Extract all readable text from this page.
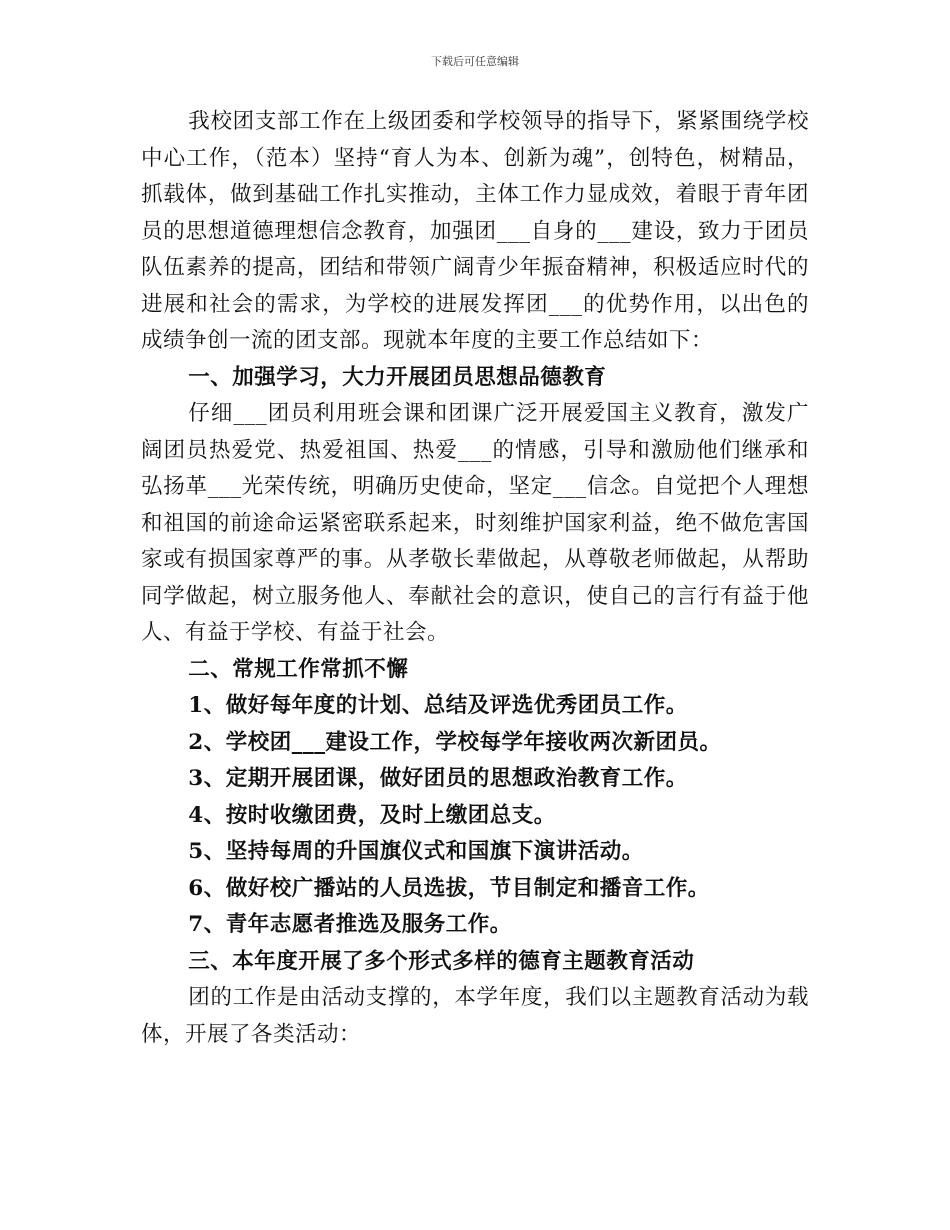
下载后可任意编辑

我校团支部工作在上级团委和学校领导的指导下，紧紧围绕学校中心工作，（范本）坚持“育人为本、创新为魂”，创特色，树精品，抓载体，做到基础工作扎实推动，主体工作力显成效，着眼于青年团员的思想道德理想信念教育，加强团___自身的___建设，致力于团员队伍素养的提高，团结和带领广阔青少年振奋精神，积极适应时代的进展和社会的需求，为学校的进展发挥团___的优势作用，以出色的成绩争创一流的团支部。现就本年度的主要工作总结如下：

一、加强学习，大力开展团员思想品德教育

仔细___团员利用班会课和团课广泛开展爱国主义教育，激发广阔团员热爱党、热爱祖国、热爱___的情感，引导和激励他们继承和弘扬革___光荣传统，明确历史使命，坚定___信念。自觉把个人理想和祖国的前途命运紧密联系起来，时刻维护国家利益，绝不做危害国家或有损国家尊严的事。从孝敬长辈做起，从尊敬老师做起，从帮助同学做起，树立服务他人、奉献社会的意识，使自己的言行有益于他人、有益于学校、有益于社会。

二、常规工作常抓不懈

1、做好每年度的计划、总结及评选优秀团员工作。

2、学校团___建设工作，学校每学年接收两次新团员。

3、定期开展团课，做好团员的思想政治教育工作。

4、按时收缴团费，及时上缴团总支。

5、坚持每周的升国旗仪式和国旗下演讲活动。

6、做好校广播站的人员选拔，节目制定和播音工作。

7、青年志愿者推选及服务工作。

三、本年度开展了多个形式多样的德育主题教育活动

团的工作是由活动支撑的，本学年度，我们以主题教育活动为载体，开展了各类活动：
